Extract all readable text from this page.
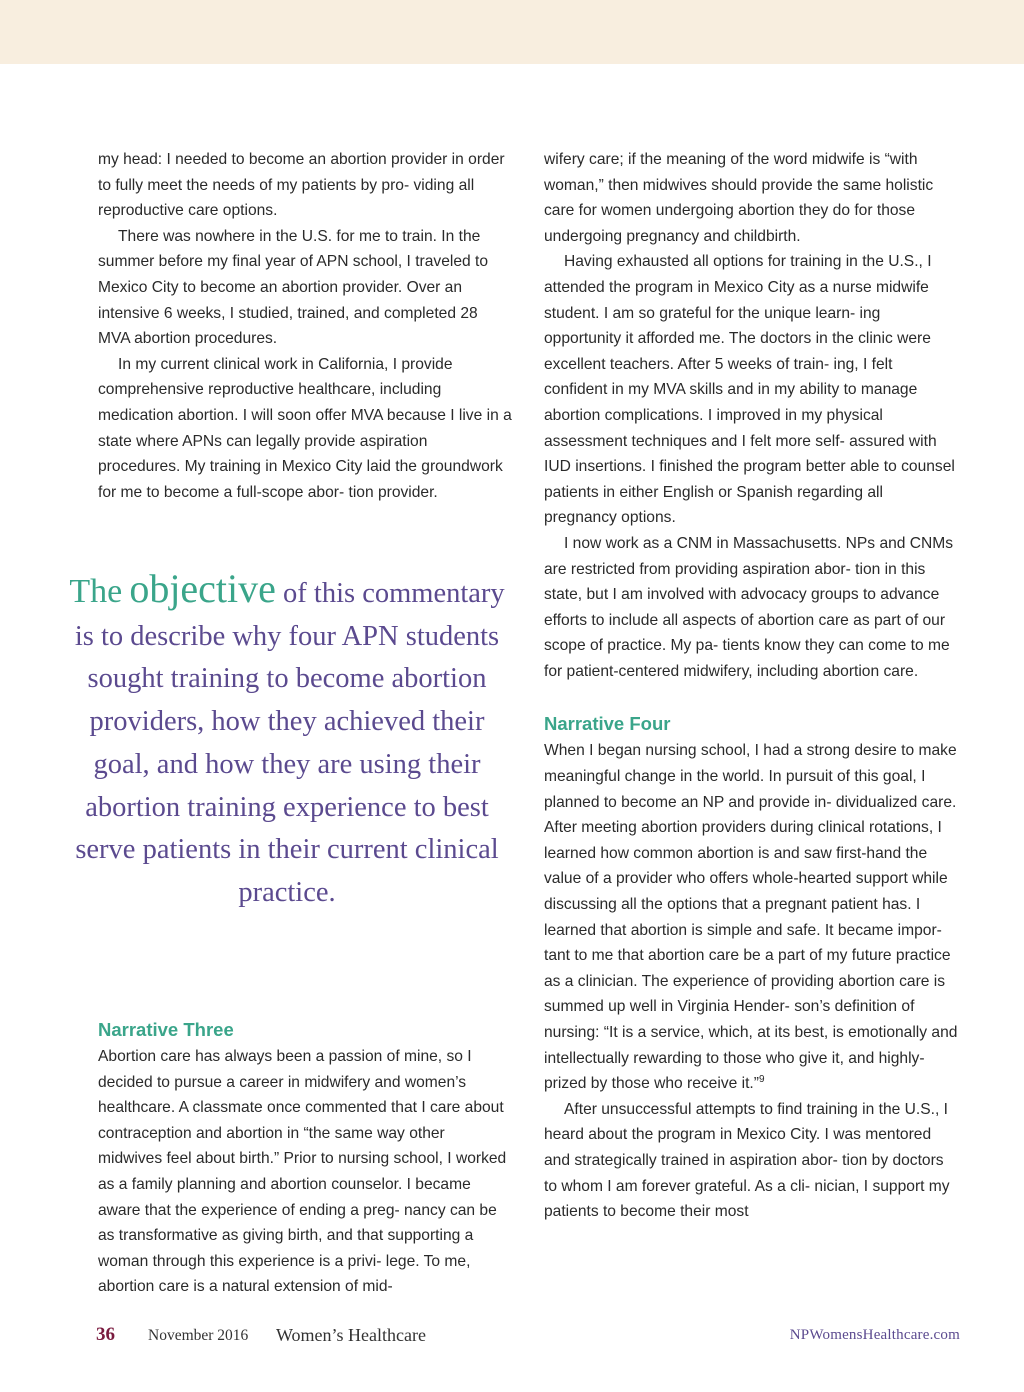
my head: I needed to become an abortion provider in order to fully meet the needs of my patients by pro- viding all reproductive care options.

There was nowhere in the U.S. for me to train. In the summer before my final year of APN school, I traveled to Mexico City to become an abortion provider. Over an intensive 6 weeks, I studied, trained, and completed 28 MVA abortion procedures.

In my current clinical work in California, I provide comprehensive reproductive healthcare, including medication abortion. I will soon offer MVA because I live in a state where APNs can legally provide aspiration procedures. My training in Mexico City laid the groundwork for me to become a full-scope abor- tion provider.

The objective of this commentary is to describe why four APN students sought training to become abortion providers, how they achieved their goal, and how they are using their abortion training experience to best serve patients in their current clinical practice.
Narrative Three

Abortion care has always been a passion of mine, so I decided to pursue a career in midwifery and women’s healthcare. A classmate once commented that I care about contraception and abortion in “the same way other midwives feel about birth.” Prior to nursing school, I worked as a family planning and abortion counselor. I became aware that the experience of ending a preg- nancy can be as transformative as giving birth, and that supporting a woman through this experience is a privi- lege. To me, abortion care is a natural extension of mid-

wifery care; if the meaning of the word midwife is “with woman,” then midwives should provide the same holistic care for women undergoing abortion they do for those undergoing pregnancy and childbirth.

Having exhausted all options for training in the U.S., I attended the program in Mexico City as a nurse midwife student. I am so grateful for the unique learn- ing opportunity it afforded me. The doctors in the clinic were excellent teachers. After 5 weeks of train- ing, I felt confident in my MVA skills and in my ability to manage abortion complications. I improved in my physical assessment techniques and I felt more self- assured with IUD insertions. I finished the program better able to counsel patients in either English or Spanish regarding all pregnancy options.

I now work as a CNM in Massachusetts. NPs and CNMs are restricted from providing aspiration abor- tion in this state, but I am involved with advocacy groups to advance efforts to include all aspects of abortion care as part of our scope of practice. My pa- tients know they can come to me for patient-centered midwifery, including abortion care.

Narrative Four

When I began nursing school, I had a strong desire to make meaningful change in the world. In pursuit of this goal, I planned to become an NP and provide in- dividualized care. After meeting abortion providers during clinical rotations, I learned how common abortion is and saw first-hand the value of a provider who offers whole-hearted support while discussing all the options that a pregnant patient has. I learned that abortion is simple and safe. It became impor- tant to me that abortion care be a part of my future practice as a clinician. The experience of providing abortion care is summed up well in Virginia Hender- son’s definition of nursing: “It is a service, which, at its best, is emotionally and intellectually rewarding to those who give it, and highly-prized by those who receive it.”$^9$

After unsuccessful attempts to find training in the U.S., I heard about the program in Mexico City. I was mentored and strategically trained in aspiration abor- tion by doctors to whom I am forever grateful. As a cli- nician, I support my patients to become their most

36 November 2016 Women’s Healthcare	NPWomensHealthcare.com
